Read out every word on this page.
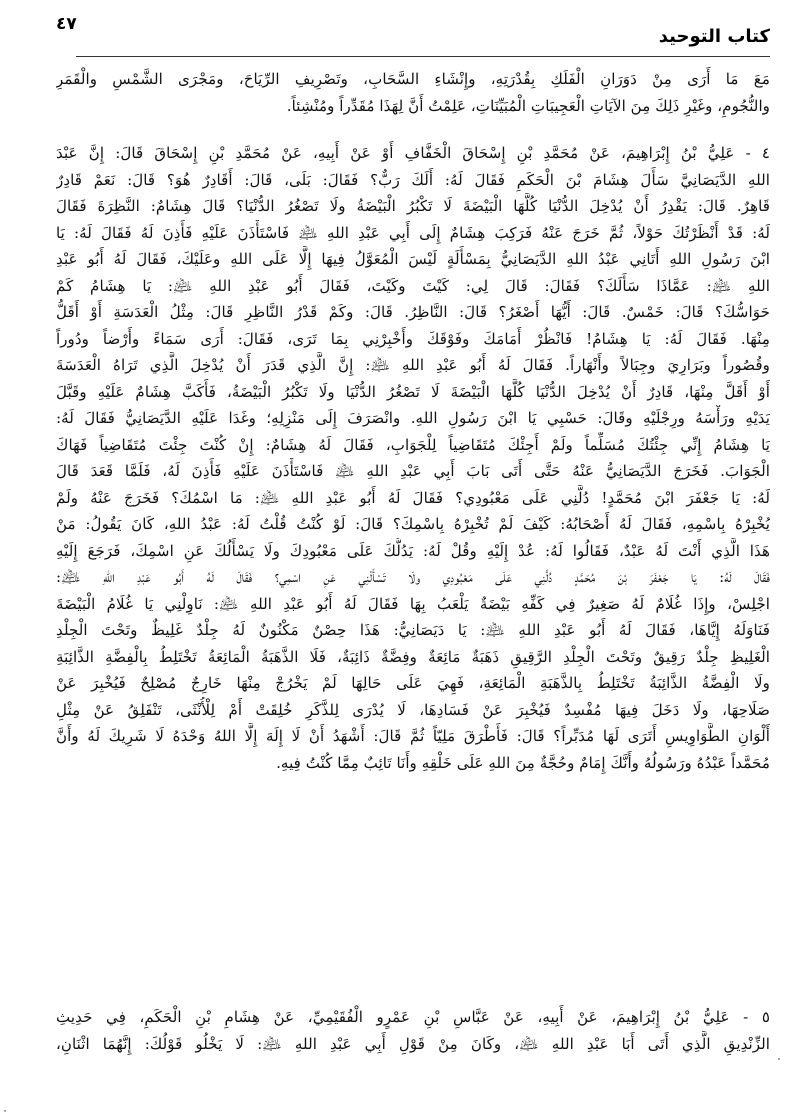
كتاب التوحيد
٤٧
مَعَ مَا أَرَى مِنْ دَوَرَانِ الْفَلَكِ بِقُدْرَتِهِ، وإِنْشَاءِ السَّحَابِ، وتَصْرِيفِ الرِّيَاحَ، ومَجْرَى الشَّمْسِ والْقَمَرِ
والنُّجُومِ، وغَيْرِ ذَلِكَ مِنَ الآيَاتِ الْعَجِيبَاتِ الْمُبَيِّنَاتِ، عَلِمْتُ أَنَّ لِهَذَا مُقَدِّراً ومُنْشِئاً.
٤ - عَلِيُّ بْنُ إِبْرَاهِيمَ، عَنْ مُحَمَّدِ بْنِ إِسْحَاقَ الْخَفَّافِ أَوْ عَنْ أَبِيهِ، عَنْ مُحَمَّدِ بْنِ إِسْحَاقَ قَالَ: إِنَّ عَبْدَ
اللهِ الدَّيَصَانِيَّ سَأَلَ هِشَامَ بْنَ الْحَكَمِ فَقَالَ لَهُ: أَلَكَ رَبٌّ؟ فَقَالَ: بَلَى، قَالَ: أَقَادِرٌ هُوَ؟ قَالَ: نَعَمْ قَادِرٌ
قَاهِرٌ. قَالَ: يَقْدِرُ أَنْ يُدْخِلَ الدُّنْيَا كُلَّهَا الْبَيْضَةَ لَا تَكْبُرُ الْبَيْضَةُ ولَا تَصْغُرُ الدُّنْيَا؟ قَالَ هِشَامٌ: النَّظِرَةَ فَقَالَ
لَهُ: قَدْ أَنْظَرْتُكَ حَوْلاً، ثُمَّ خَرَجَ عَنْهُ فَرَكِبَ هِشَامٌ إِلَى أَبِي عَبْدِ اللهِ ﵇ فَاسْتَأْذَنَ عَلَيْهِ فَأَذِنَ لَهُ فَقَالَ لَهُ: يَا
ابْنَ رَسُولِ اللهِ أَتَانِي عَبْدُ اللهِ الدَّيَصَانِيُّ بِمَسْأَلَةٍ لَيْسَ الْمُعَوَّلُ فِيهَا إِلَّا عَلَى اللهِ وعَلَيْكَ، فَقَالَ لَهُ أَبُو عَبْدِ
اللهِ ﵇: عَمَّاذَا سَأَلَكَ؟ فَقَالَ: قَالَ لِي: كَيْتَ وكَيْتَ، فَقَالَ أَبُو عَبْدِ اللهِ ﵇: يَا هِشَامُ كَمْ
حَوَاسُّكَ؟ قَالَ: خَمْسٌ. قَالَ: أَيُّهَا أَصْغَرُ؟ قَالَ: النَّاظِرُ. قَالَ: وكَمْ قَدْرُ النَّاظِرِ قَالَ: مِثْلُ الْعَدَسَةِ أَوْ أَقَلُّ
مِنْهَا. فَقَالَ لَهُ: يَا هِشَامُ! فَانْظُرْ أَمَامَكَ وفَوْقَكَ وأَخْبِرْنِي بِمَا تَرَى، فَقَالَ: أَرَى سَمَاءً وأَرْضاً ودُوراً
وقُصُوراً وبَرَارِيَ وجِبَالاً وأَنْهَاراً. فَقَالَ لَهُ أَبُو عَبْدِ اللهِ ﵇: إِنَّ الَّذِي قَدَرَ أَنْ يُدْخِلَ الَّذِي تَرَاهُ الْعَدَسَةَ
أَوْ أَقَلَّ مِنْهَا، قَادِرٌ أَنْ يُدْخِلَ الدُّنْيَا كُلَّهَا الْبَيْضَةَ لَا تَصْغُرُ الدُّنْيَا ولَا تَكْبُرُ الْبَيْضَةُ، فَأَكَبَّ هِشَامٌ عَلَيْهِ وقَبَّلَ
يَدَيْهِ ورَأْسَهُ ورِجْلَيْهِ وقَالَ: حَسْبِي يَا ابْنَ رَسُولِ اللهِ. وانْصَرَفَ إِلَى مَنْزِلِهِ؛ وغَدَا عَلَيْهِ الدَّيَصَانِيُّ فَقَالَ لَهُ:
يَا هِشَامُ إِنِّي جِئْتُكَ مُسَلِّماً ولَمْ أَجِئْكَ مُتَقَاضِياً لِلْجَوَابِ، فَقَالَ لَهُ هِشَامٌ: إِنْ كُنْتَ جِئْتَ مُتَقَاضِياً فَهَاكَ
الْجَوَابَ. فَخَرَجَ الدَّيَصَانِيُّ عَنْهُ حَتَّى أَتَى بَابَ أَبِي عَبْدِ اللهِ ﵇ فَاسْتَأْذَنَ عَلَيْهِ فَأَذِنَ لَهُ، فَلَمَّا قَعَدَ قَالَ
لَهُ: يَا جَعْفَرَ ابْنَ مُحَمَّدٍ! دُلَّنِي عَلَى مَعْبُودِي؟ فَقَالَ لَهُ أَبُو عَبْدِ اللهِ ﵇: مَا اسْمُكَ؟ فَخَرَجَ عَنْهُ ولَمْ
يُخْبِرْهُ بِاسْمِهِ، فَقَالَ لَهُ أَصْحَابُهُ: كَيْفَ لَمْ تُخْبِرْهُ بِاسْمِكَ؟ قَالَ: لَوْ كُنْتُ قُلْتُ لَهُ: عَبْدُ اللهِ، كَانَ يَقُولُ: مَنْ
هَذَا الَّذِي أَنْتَ لَهُ عَبْدٌ، فَقَالُوا لَهُ: عُدْ إِلَيْهِ وقُلْ لَهُ: يَدُلُّكَ عَلَى مَعْبُودِكَ ولَا يَسْأَلُكَ عَنِ اسْمِكَ، فَرَجَعَ إِلَيْهِ
فَقَالَ لَهُ: يَا جَعْفَرَ بْنَ مُحَمَّدٍ دُلَّنِي عَلَى مَعْبُودِي ولَا تَسْأَلْنِي عَنِ اسْمِي؟ فَقَالَ لَهُ أَبُو عَبْدِ اللهِ ﵇:
اجْلِسْ، وإِذَا غُلَامٌ لَهُ صَغِيرٌ فِي كَفِّهِ بَيْضَةٌ يَلْعَبُ بِهَا فَقَالَ لَهُ أَبُو عَبْدِ اللهِ ﵇: نَاوِلْنِي يَا غُلَامُ الْبَيْضَةَ
فَنَاوَلَهُ إِيَّاهَا، فَقَالَ لَهُ أَبُو عَبْدِ اللهِ ﵇: يَا دَيَصَانِيُّ: هَذَا حِصْنٌ مَكْنُونٌ لَهُ جِلْدٌ غَلِيظٌ وتَحْتَ الْجِلْدِ
الْغَلِيظِ جِلْدٌ رَقِيقٌ وتَحْتَ الْجِلْدِ الرَّقِيقِ ذَهَبَةٌ مَائِعَةٌ وفِضَّةٌ ذَائِبَةٌ، فَلَا الذَّهَبَةُ الْمَائِعَةُ تَخْتَلِطُ بِالْفِضَّةِ الذَّائِبَةِ
ولَا الْفِضَّةُ الذَّائِبَةُ تَخْتَلِطُ بِالذَّهَبَةِ الْمَائِعَةِ، فَهِيَ عَلَى حَالِهَا لَمْ يَخْرُجْ مِنْهَا خَارِجٌ مُصْلِحٌ فَيُخْبِرَ عَنْ
صَلَاحِهَا، ولَا دَخَلَ فِيهَا مُفْسِدٌ فَيُخْبِرَ عَنْ فَسَادِهَا، لَا يُدْرَى لِلذَّكَرِ خُلِقَتْ أَمْ لِلْأُنْثَى، تَنْفَلِقُ عَنْ مِثْلِ
أَلْوَانِ الطَّوَاوِيسِ أَتَرَى لَهَا مُدَبِّراً؟ قَالَ: فَأَطْرَقَ مَلِيّاً ثُمَّ قَالَ: أَشْهَدُ أَنْ لَا إِلَهَ إِلَّا اللهُ وَحْدَهُ لَا شَرِيكَ لَهُ وأَنَّ
مُحَمَّداً عَبْدُهُ ورَسُولُهُ وأَنَّكَ إِمَامٌ وحُجَّةٌ مِنَ اللهِ عَلَى خَلْقِهِ وأَنَا تَائِبٌ مِمَّا كُنْتُ فِيهِ.
٥ - عَلِيُّ بْنُ إِبْرَاهِيمَ، عَنْ أَبِيهِ، عَنْ عَبَّاسِ بْنِ عَمْرٍو الْفُقَيْمِيِّ، عَنْ هِشَامِ بْنِ الْحَكَمِ، فِي حَدِيثِ
الزِّنْدِيقِ الَّذِي أَتَى أَبَا عَبْدِ اللهِ ﵇، وكَانَ مِنْ قَوْلِ أَبِي عَبْدِ اللهِ ﵇: لَا يَخْلُو قَوْلُكَ: إِنَّهُمَا اثْنَانِ،
